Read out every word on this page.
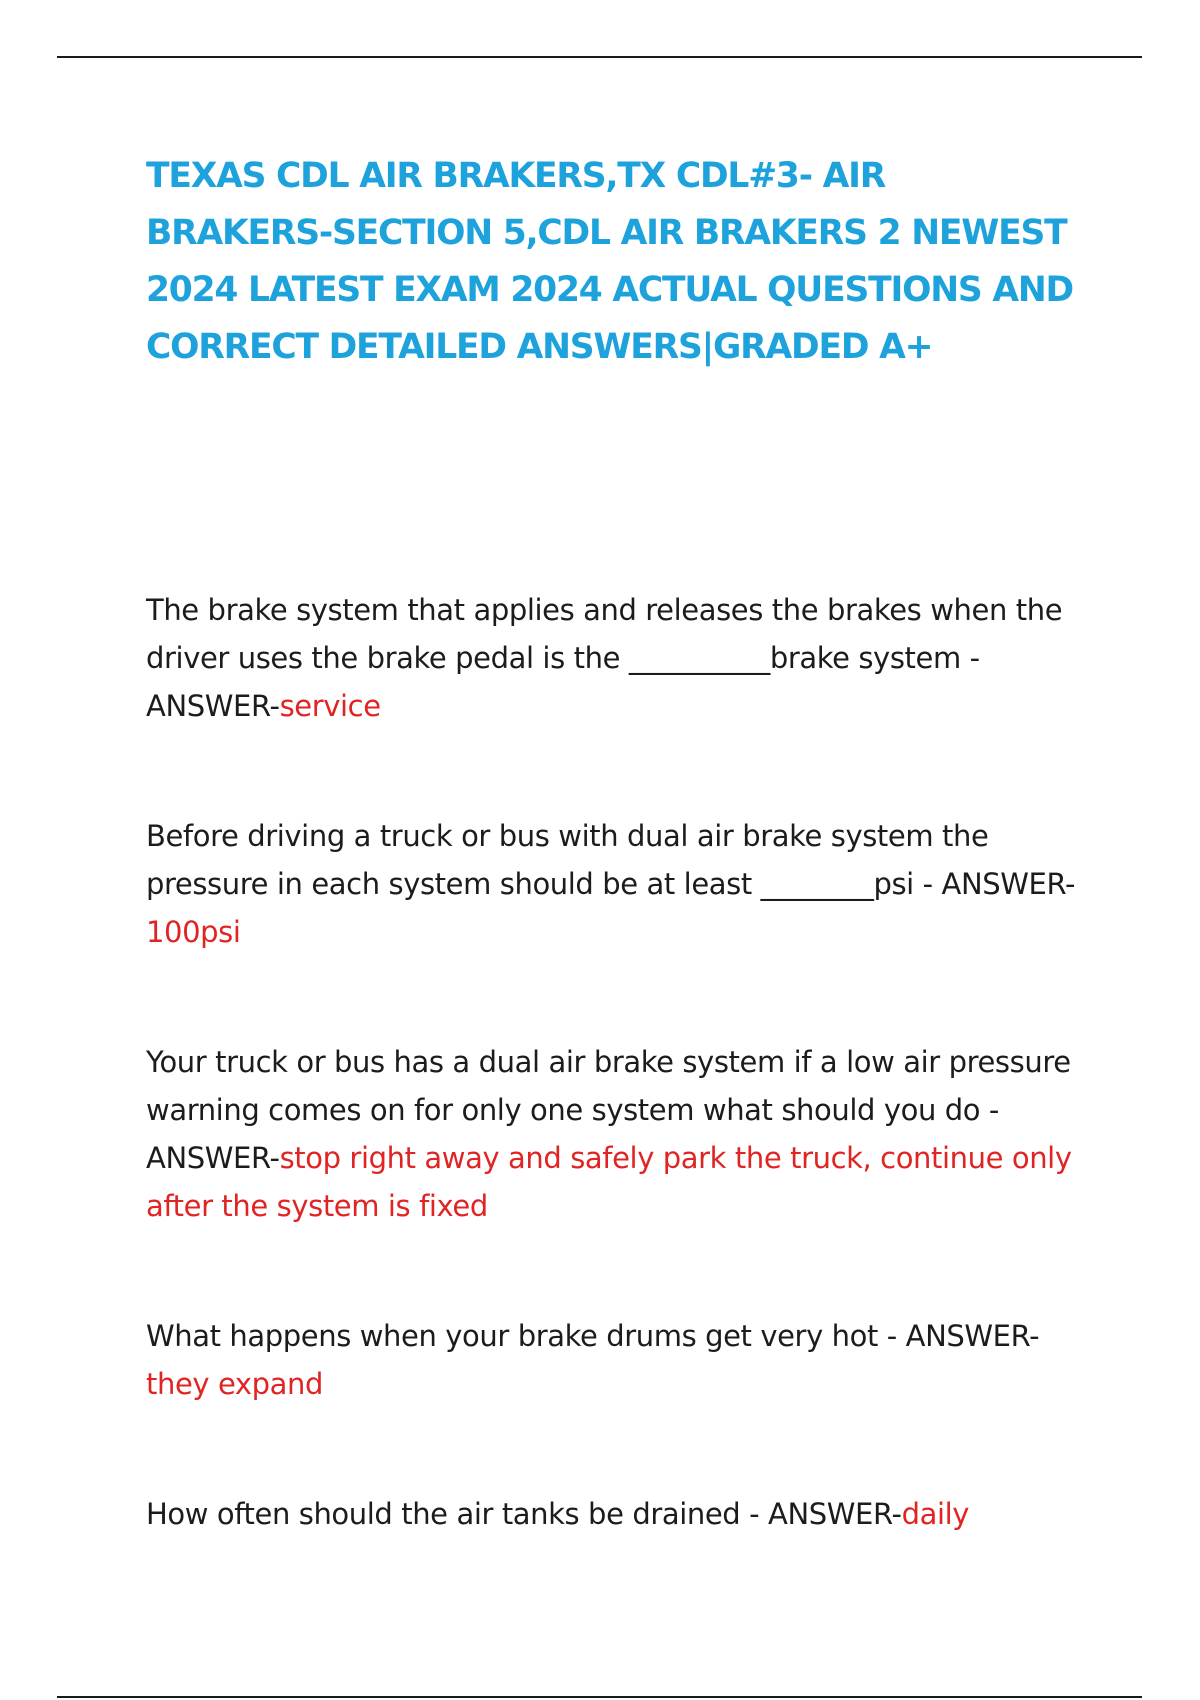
TEXAS CDL AIR BRAKERS,TX CDL#3- AIR BRAKERS-SECTION 5,CDL AIR BRAKERS 2 NEWEST 2024 LATEST EXAM 2024 ACTUAL QUESTIONS AND CORRECT DETAILED ANSWERS|GRADED A+
The brake system that applies and releases the brakes when the driver uses the brake pedal is the __________brake system - ANSWER-service
Before driving a truck or bus with dual air brake system the pressure in each system should be at least ________psi - ANSWER-100psi
Your truck or bus has a dual air brake system if a low air pressure warning comes on for only one system what should you do - ANSWER-stop right away and safely park the truck, continue only after the system is fixed
What happens when your brake drums get very hot - ANSWER-they expand
How often should the air tanks be drained - ANSWER-daily
